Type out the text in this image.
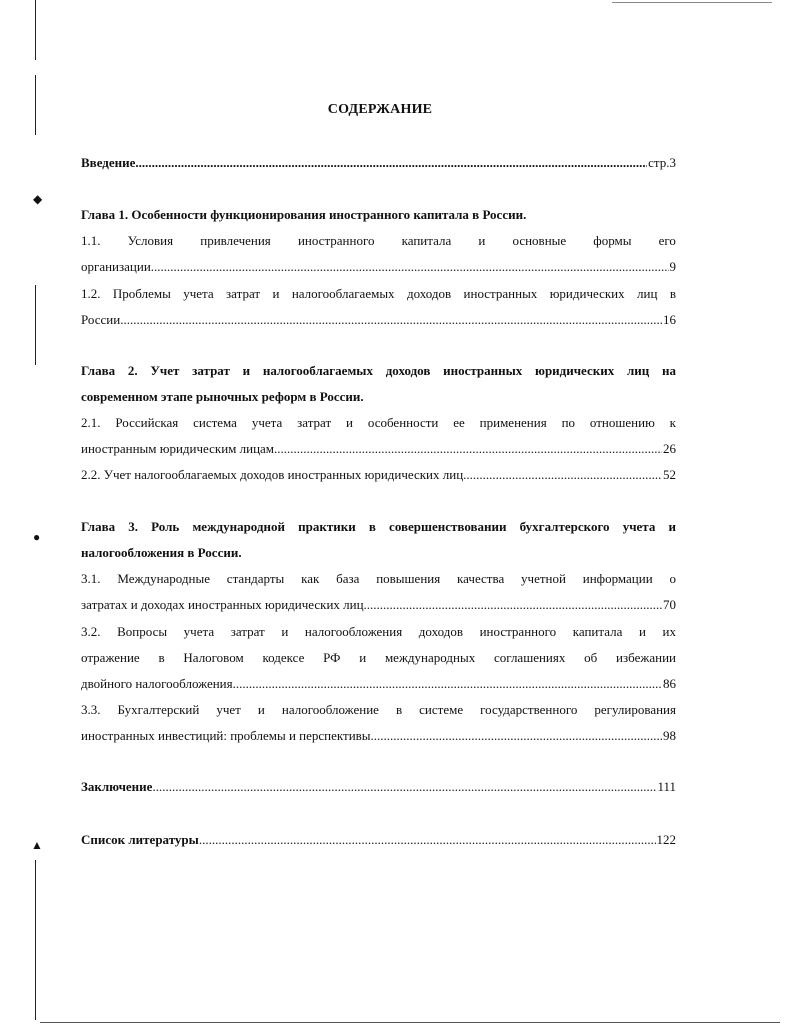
◆
●
▲
СОДЕРЖАНИЕ
Введение .....	стр.3
Глава 1. Особенности функционирования иностранного капитала в России.
1.1. Условия привлечения иностранного капитала и основные формы его
организации .....	9
1.2. Проблемы учета затрат и налогооблагаемых доходов иностранных юридических лиц в
России .....	16
Глава 2. Учет затрат и налогооблагаемых доходов иностранных юридических лиц на
современном этапе рыночных реформ в России.
2.1. Российская система учета затрат и особенности ее применения по отношению к
иностранным юридическим лицам .....	26
2.2. Учет налогооблагаемых доходов иностранных юридических лиц .....	52
Глава 3. Роль международной практики в совершенствовании бухгалтерского учета и
налогообложения в России.
3.1. Международные стандарты как база повышения качества учетной информации о
затратах и доходах иностранных юридических лиц .....	70
3.2. Вопросы учета затрат и налогообложения доходов иностранного капитала и их
отражение в Налоговом кодексе РФ и международных соглашениях об избежании
двойного налогообложения .....	86
3.3. Бухгалтерский учет и налогообложение в системе государственного регулирования
иностранных инвестиций: проблемы и перспективы .....	98
Заключение .....	111
Список литературы .....	122
